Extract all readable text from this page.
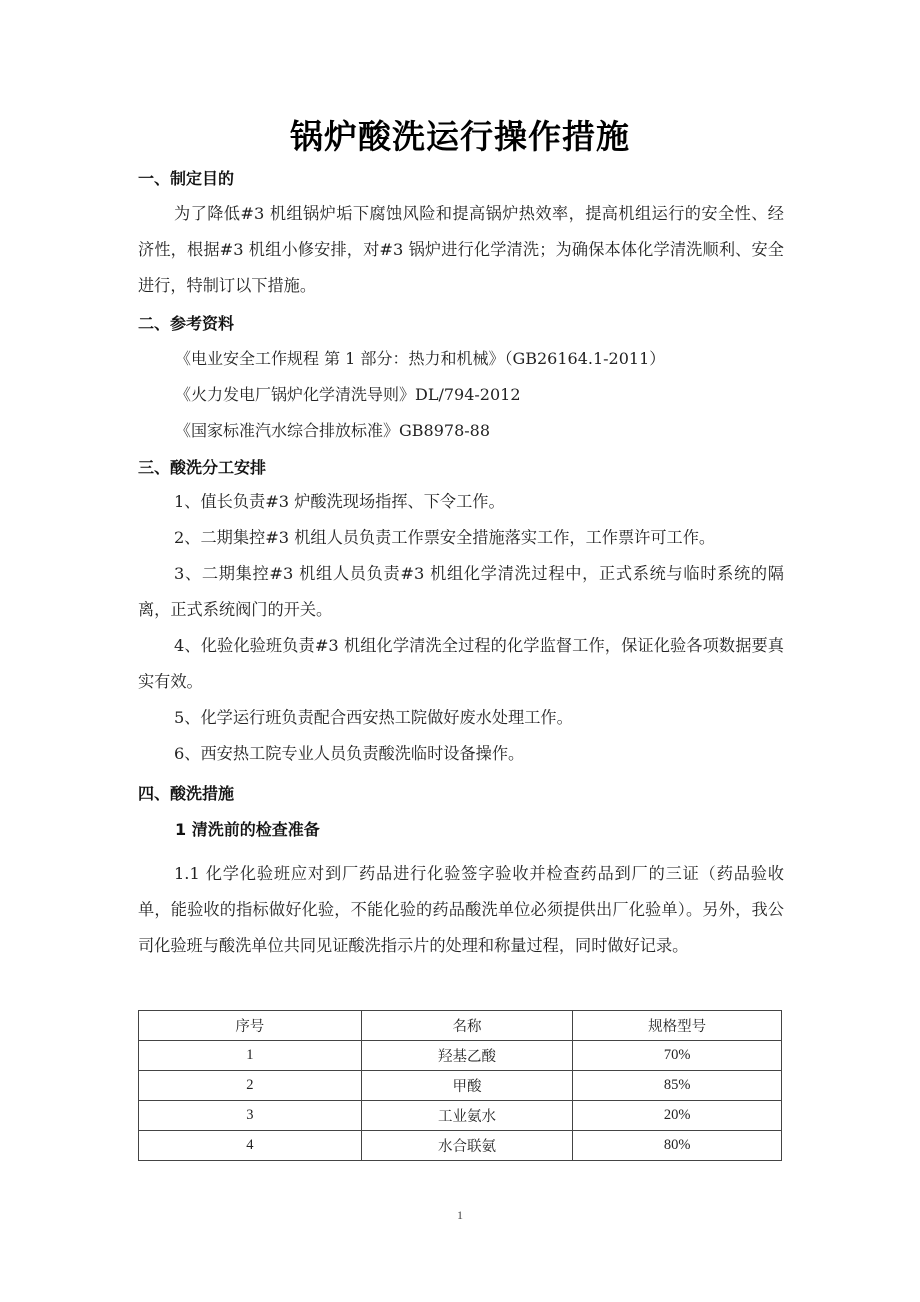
锅炉酸洗运行操作措施
一、制定目的
为了降低#3 机组锅炉垢下腐蚀风险和提高锅炉热效率，提高机组运行的安全性、经济性，根据#3 机组小修安排，对#3 锅炉进行化学清洗；为确保本体化学清洗顺利、安全进行，特制订以下措施。
二、参考资料
《电业安全工作规程 第 1 部分：热力和机械》（GB26164.1-2011）
《火力发电厂锅炉化学清洗导则》DL/794-2012
《国家标准汽水综合排放标准》GB8978-88
三、酸洗分工安排
1、值长负责#3 炉酸洗现场指挥、下令工作。
2、二期集控#3 机组人员负责工作票安全措施落实工作，工作票许可工作。
3、二期集控#3 机组人员负责#3 机组化学清洗过程中，正式系统与临时系统的隔离，正式系统阀门的开关。
4、化验化验班负责#3 机组化学清洗全过程的化学监督工作，保证化验各项数据要真实有效。
5、化学运行班负责配合西安热工院做好废水处理工作。
6、西安热工院专业人员负责酸洗临时设备操作。
四、酸洗措施
1 清洗前的检查准备
1.1 化学化验班应对到厂药品进行化验签字验收并检查药品到厂的三证（药品验收单，能验收的指标做好化验，不能化验的药品酸洗单位必须提供出厂化验单）。另外，我公司化验班与酸洗单位共同见证酸洗指示片的处理和称量过程，同时做好记录。
序号	名称	规格型号
1	羟基乙酸	70%
2	甲酸	85%
3	工业氨水	20%
4	水合联氨	80%
1
